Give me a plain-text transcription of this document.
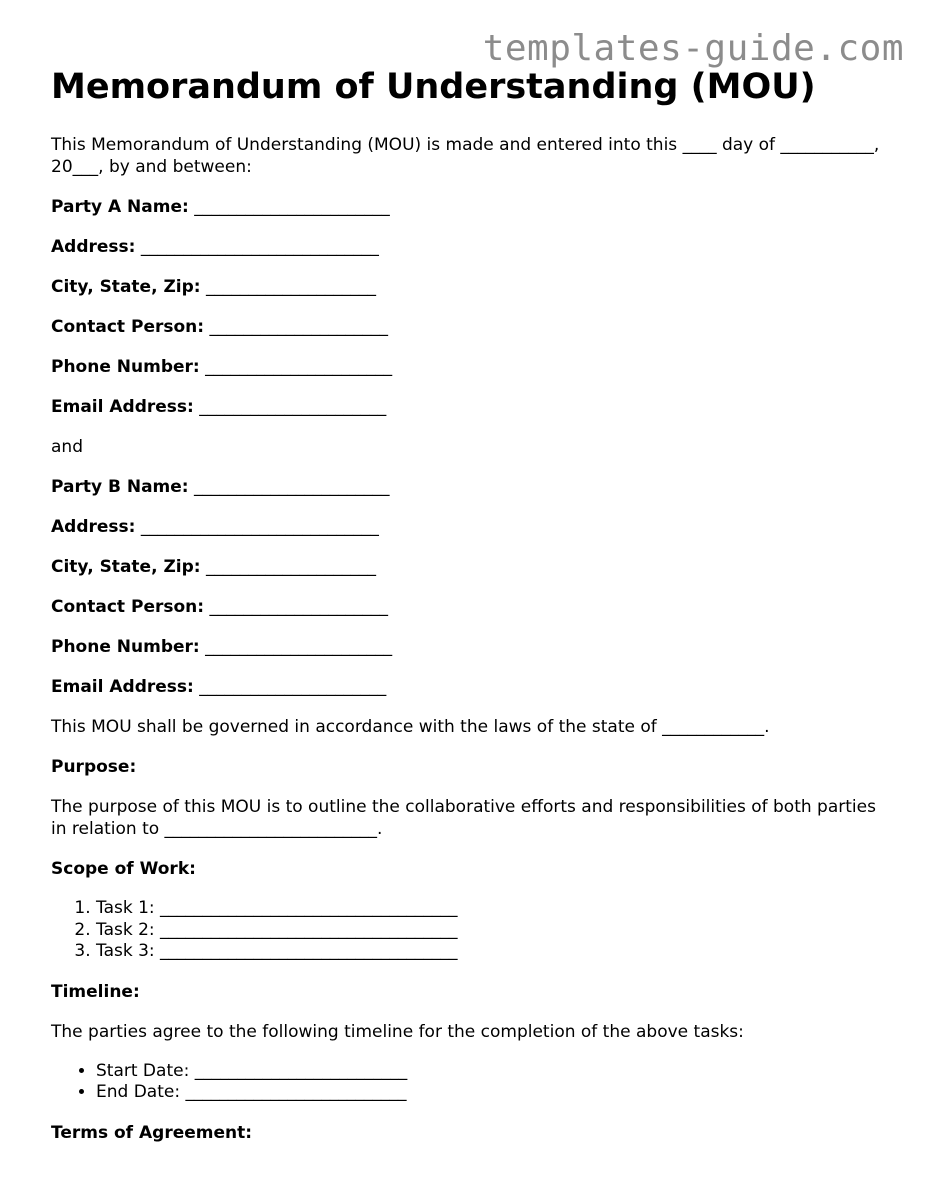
templates-guide.com
Memorandum of Understanding (MOU)

This Memorandum of Understanding (MOU) is made and entered into this ____ day of ___________, 20___, by and between:

Party A Name: _______________________

Address: ____________________________

City, State, Zip: ____________________

Contact Person: _____________________

Phone Number: ______________________

Email Address: ______________________

and

Party B Name: _______________________

Address: ____________________________

City, State, Zip: ____________________

Contact Person: _____________________

Phone Number: ______________________

Email Address: ______________________

This MOU shall be governed in accordance with the laws of the state of ____________.

Purpose:

The purpose of this MOU is to outline the collaborative efforts and responsibilities of both parties in relation to _________________________.

Scope of Work:

1. Task 1: ___________________________________
2. Task 2: ___________________________________
3. Task 3: ___________________________________

Timeline:

The parties agree to the following timeline for the completion of the above tasks:

• Start Date: _________________________
• End Date: __________________________

Terms of Agreement:
